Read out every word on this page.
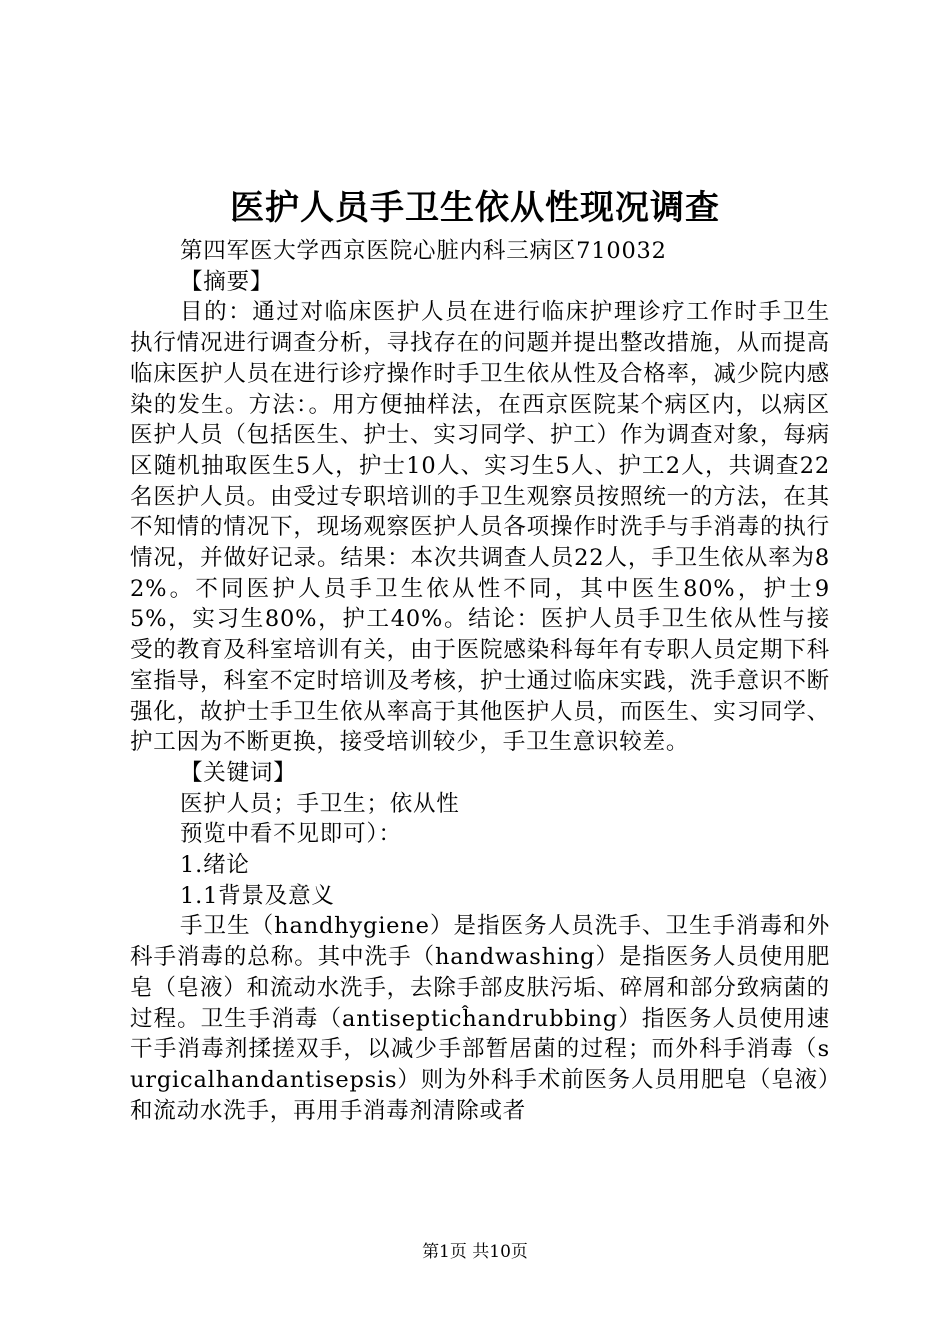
医护人员手卫生依从性现况调查

第四军医大学西京医院心脏内科三病区710032

【摘要】

目的：通过对临床医护人员在进行临床护理诊疗工作时手卫生执行情况进行调查分析，寻找存在的问题并提出整改措施，从而提高临床医护人员在进行诊疗操作时手卫生依从性及合格率，减少院内感染的发生。方法：。用方便抽样法，在西京医院某个病区内，以病区医护人员（包括医生、护士、实习同学、护工）作为调查对象，每病区随机抽取医生5人，护士10人、实习生5人、护工2人，共调查22名医护人员。由受过专职培训的手卫生观察员按照统一的方法，在其不知情的情况下，现场观察医护人员各项操作时洗手与手消毒的执行情况，并做好记录。结果：本次共调查人员22人，手卫生依从率为82%。不同医护人员手卫生依从性不同，其中医生80%，护士95%，实习生80%，护工40%。结论：医护人员手卫生依从性与接受的教育及科室培训有关，由于医院感染科每年有专职人员定期下科室指导，科室不定时培训及考核，护士通过临床实践，洗手意识不断强化，故护士手卫生依从率高于其他医护人员，而医生、实习同学、护工因为不断更换，接受培训较少，手卫生意识较差。

【关键词】

医护人员；手卫生；依从性

预览中看不见即可）：

1.绪论

1.1背景及意义

手卫生（handhygiene）是指医务人员洗手、卫生手消毒和外科手消毒的总称。其中洗手（handwashing）是指医务人员使用肥皂（皂液）和流动水洗手，去除手部皮肤污垢、碎屑和部分致病菌的过程。卫生手消毒（antisepticĥandrubbing）指医务人员使用速干手消毒剂揉搓双手，以减少手部暂居菌的过程；而外科手消毒（surgicalhandantisepsis）则为外科手术前医务人员用肥皂（皂液）和流动水洗手，再用手消毒剂清除或者

第1页 共10页
